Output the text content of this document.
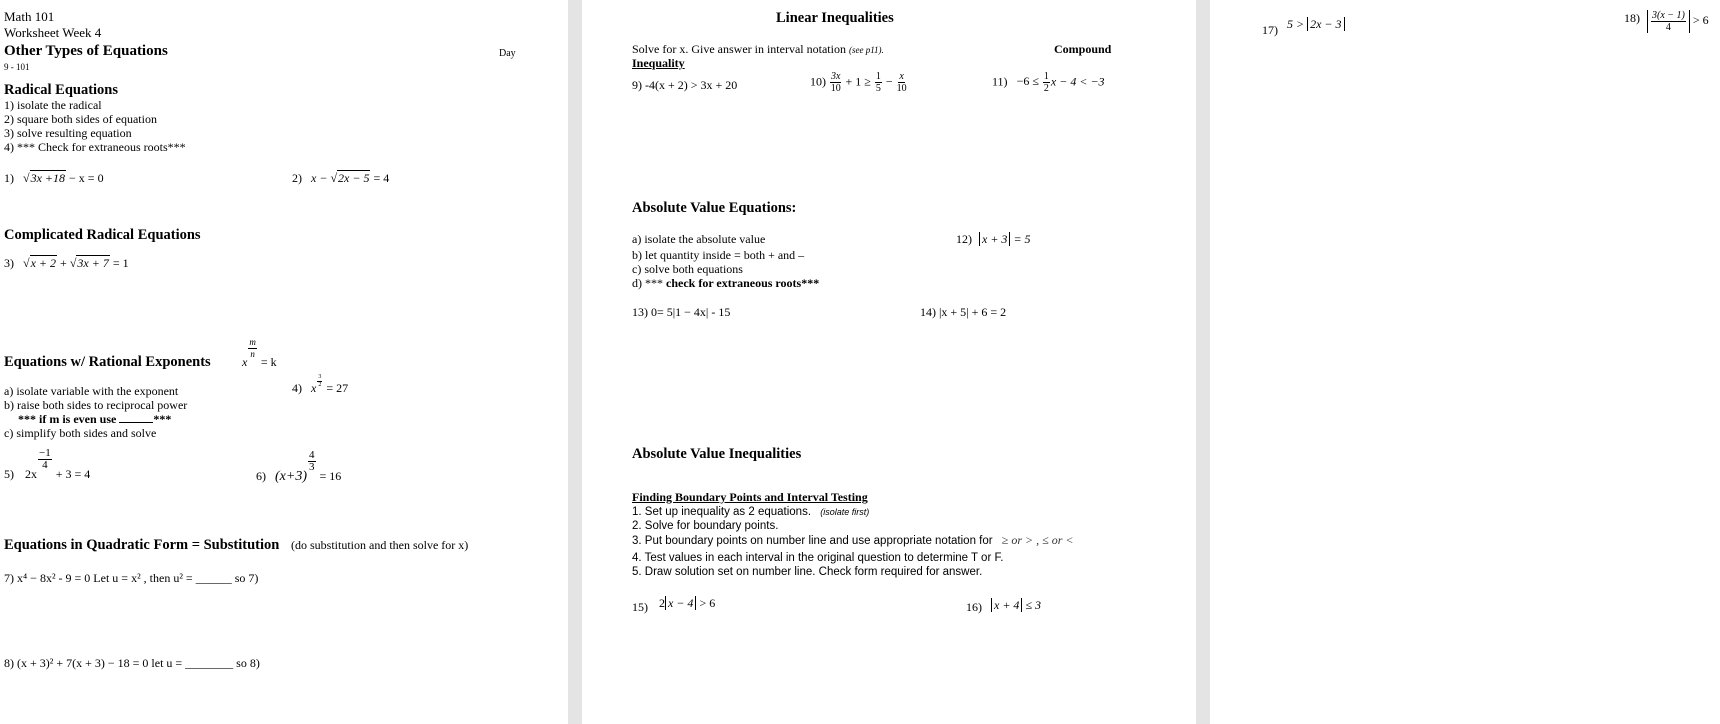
Math 101
Worksheet Week 4
Other Types of Equations	Day
9 - 101
Radical Equations
1) isolate the radical
2) square both sides of equation
3) solve resulting equation
4) *** Check for extraneous roots***
1) √3x +18 − x = 0	2) x − √2x − 5 = 4
Complicated Radical Equations
3) √x + 2 + √3x + 7 = 1
Equations w/ Rational Exponents	x
$\frac{m}{n}$
= k
a) isolate variable with the exponent
b) raise both sides to reciprocal power
*** if m is even use	***
c) simplify both sides and solve
4) x $\frac{3}{2} = 27$
5) 2x
$\frac{-1}{4}$
+ 3 = 4	6) (x+3)
$\frac{4}{3}$
= 16
Equations in Quadratic Form = Substitution (do substitution and then solve for x)
7) x⁴ − 8x² - 9 = 0 Let u = x² , then u² = ______ so 7)
8) (x + 3)² + 7(x + 3) − 18 = 0 let u = ________ so 8)
Linear Inequalities
Solve for x. Give answer in interval notation (see p11).	Compound
Inequality
9) -4(x + 2) > 3x + 20	$10) \frac{3x}{10} + 1 \ge \frac{1}{5} - \frac{x}{10}$	$11) -6 \le \frac{1}{2}$ x − 4 < −3
Absolute Value Equations:
a) isolate the absolute value
b) let quantity inside = both + and –
c) solve both equations
d) *** check for extraneous roots***
12) x + 3 = 5
13) 0= 5|1 − 4x| - 15	14) |x + 5| + 6 = 2
Absolute Value Inequalities
Finding Boundary Points and Interval Testing
1. Set up inequality as 2 equations. (isolate first)
2. Solve for boundary points.
3. Put boundary points on number line and use appropriate notation for ≥ or > , ≤ or <
4. Test values in each interval in the original question to determine T or F.
5. Draw solution set on number line. Check form required for answer.
15) 2 x − 4 > 6	16) x + 4 ≤ 3
17) 5 > 2x − 3	$18) \frac{3(x - 1)}{4} > 6$
